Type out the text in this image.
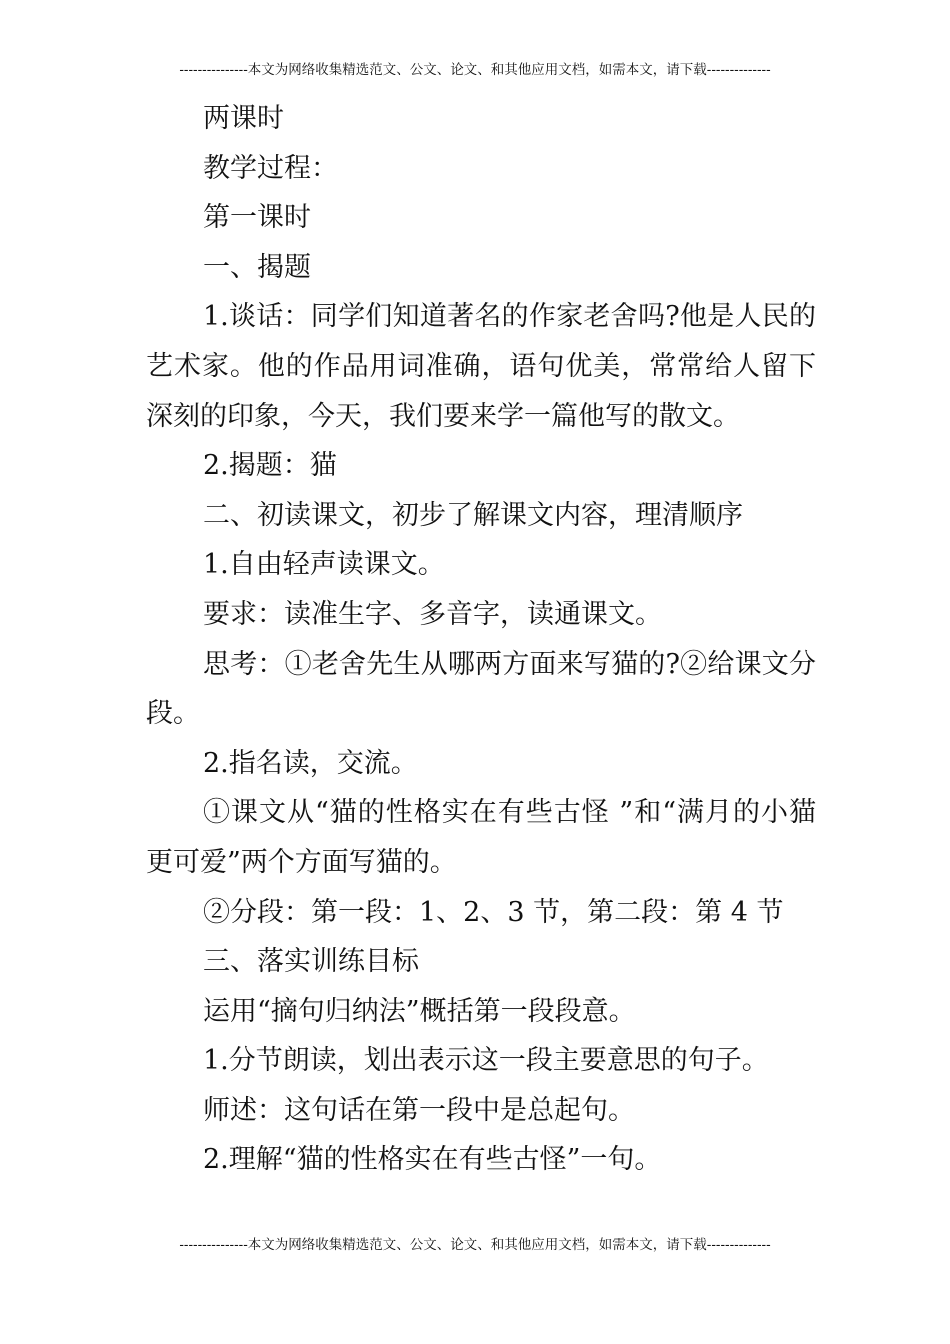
---------------本文为网络收集精选范文、公文、论文、和其他应用文档，如需本文，请下载--------------

两课时

教学过程：

第一课时

一、揭题

1.谈话：同学们知道著名的作家老舍吗?他是人民的艺术家。他的作品用词准确，语句优美，常常给人留下深刻的印象，今天，我们要来学一篇他写的散文。

2.揭题：猫

二、初读课文，初步了解课文内容，理清顺序

1.自由轻声读课文。

要求：读准生字、多音字，读通课文。

思考：①老舍先生从哪两方面来写猫的?②给课文分段。

2.指名读，交流。

①课文从“猫的性格实在有些古怪 ”和“满月的小猫更可爱”两个方面写猫的。

②分段：第一段：1、2、3 节，第二段：第 4 节

三、落实训练目标

运用“摘句归纳法”概括第一段段意。

1.分节朗读，划出表示这一段主要意思的句子。

师述：这句话在第一段中是总起句。

2.理解“猫的性格实在有些古怪”一句。

---------------本文为网络收集精选范文、公文、论文、和其他应用文档，如需本文，请下载--------------
